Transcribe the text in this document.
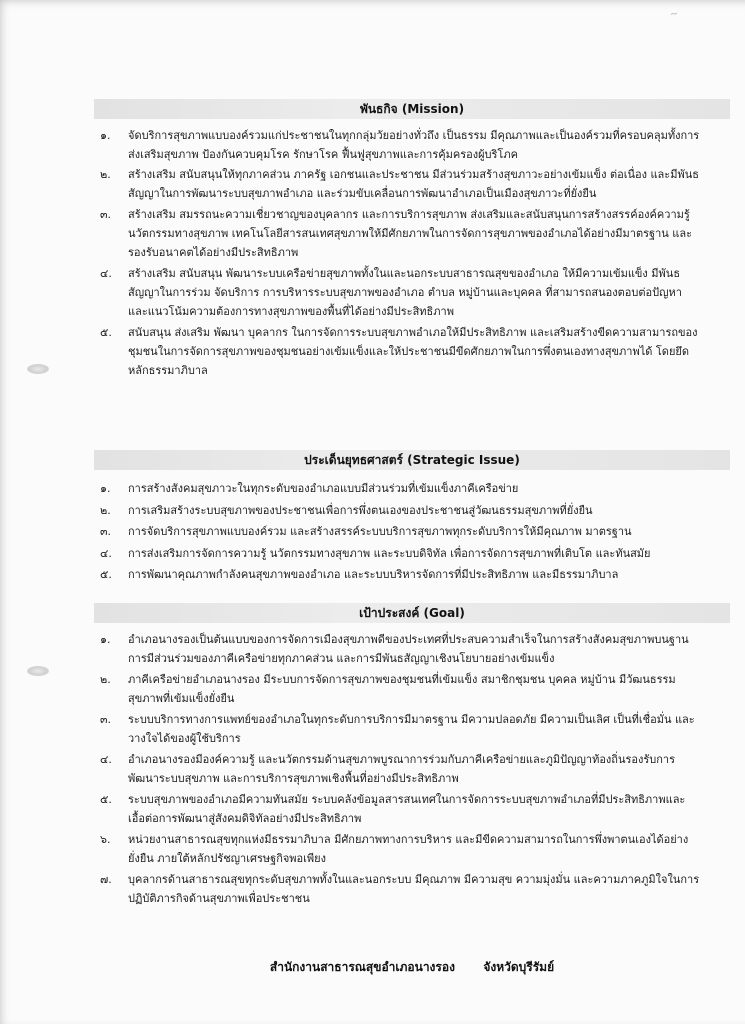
~
พันธกิจ (Mission)
๑.	จัดบริการสุขภาพแบบองค์รวมแก่ประชาชนในทุกกลุ่มวัยอย่างทั่วถึง เป็นธรรม มีคุณภาพและเป็นองค์รวมที่ครอบคลุมทั้งการส่งเสริมสุขภาพ ป้องกันควบคุมโรค รักษาโรค ฟื้นฟูสุขภาพและการคุ้มครองผู้บริโภค
๒.	สร้างเสริม สนับสนุนให้ทุกภาคส่วน ภาครัฐ เอกชนและประชาชน มีส่วนร่วมสร้างสุขภาวะอย่างเข้มแข็ง ต่อเนื่อง และมีพันธสัญญาในการพัฒนาระบบสุขภาพอำเภอ และร่วมขับเคลื่อนการพัฒนาอำเภอเป็นเมืองสุขภาวะที่ยั่งยืน
๓.	สร้างเสริม สมรรถนะความเชี่ยวชาญของบุคลากร และการบริการสุขภาพ ส่งเสริมและสนับสนุนการสร้างสรรค์องค์ความรู้ นวัตกรรมทางสุขภาพ เทคโนโลยีสารสนเทศสุขภาพให้มีศักยภาพในการจัดการสุขภาพของอำเภอได้อย่างมีมาตรฐาน และรองรับอนาคตได้อย่างมีประสิทธิภาพ
๔.	สร้างเสริม สนับสนุน พัฒนาระบบเครือข่ายสุขภาพทั้งในและนอกระบบสาธารณสุขของอำเภอ ให้มีความเข้มแข็ง มีพันธสัญญาในการร่วม จัดบริการ การบริหารระบบสุขภาพของอำเภอ ตำบล หมู่บ้านและบุคคล ที่สามารถสนองตอบต่อปัญหาและแนวโน้มความต้องการทางสุขภาพของพื้นที่ได้อย่างมีประสิทธิภาพ
๕.	สนับสนุน ส่งเสริม พัฒนา บุคลากร ในการจัดการระบบสุขภาพอำเภอให้มีประสิทธิภาพ และเสริมสร้างขีดความสามารถของชุมชนในการจัดการสุขภาพของชุมชนอย่างเข้มแข็งและให้ประชาชนมีขีดศักยภาพในการพึ่งตนเองทางสุขภาพได้ โดยยึดหลักธรรมาภิบาล
ประเด็นยุทธศาสตร์ (Strategic Issue)
๑.	การสร้างสังคมสุขภาวะในทุกระดับของอำเภอแบบมีส่วนร่วมที่เข้มแข็งภาคีเครือข่าย
๒.	การเสริมสร้างระบบสุขภาพของประชาชนเพื่อการพึ่งตนเองของประชาชนสู่วัฒนธรรมสุขภาพที่ยั่งยืน
๓.	การจัดบริการสุขภาพแบบองค์รวม และสร้างสรรค์ระบบบริการสุขภาพทุกระดับบริการให้มีคุณภาพ มาตรฐาน
๔.	การส่งเสริมการจัดการความรู้ นวัตกรรมทางสุขภาพ และระบบดิจิทัล เพื่อการจัดการสุขภาพที่เติบโต และทันสมัย
๕.	การพัฒนาคุณภาพกำลังคนสุขภาพของอำเภอ และระบบบริหารจัดการที่มีประสิทธิภาพ และมีธรรมาภิบาล
เป้าประสงค์ (Goal)
๑.	อำเภอนางรองเป็นต้นแบบของการจัดการเมืองสุขภาพดีของประเทศที่ประสบความสำเร็จในการสร้างสังคมสุขภาพบนฐานการมีส่วนร่วมของภาคีเครือข่ายทุกภาคส่วน และการมีพันธสัญญาเชิงนโยบายอย่างเข้มแข็ง
๒.	ภาคีเครือข่ายอำเภอนางรอง มีระบบการจัดการสุขภาพของชุมชนที่เข้มแข็ง สมาชิกชุมชน บุคคล หมู่บ้าน มีวัฒนธรรมสุขภาพที่เข้มแข็งยั่งยืน
๓.	ระบบบริการทางการแพทย์ของอำเภอในทุกระดับการบริการมีมาตรฐาน มีความปลอดภัย มีความเป็นเลิศ เป็นที่เชื่อมั่น และวางใจได้ของผู้ใช้บริการ
๔.	อำเภอนางรองมีองค์ความรู้ และนวัตกรรมด้านสุขภาพบูรณาการร่วมกับภาคีเครือข่ายและภูมิปัญญาท้องถิ่นรองรับการพัฒนาระบบสุขภาพ และการบริการสุขภาพเชิงพื้นที่อย่างมีประสิทธิภาพ
๕.	ระบบสุขภาพของอำเภอมีความทันสมัย ระบบคลังข้อมูลสารสนเทศในการจัดการระบบสุขภาพอำเภอที่มีประสิทธิภาพและเอื้อต่อการพัฒนาสู่สังคมดิจิทัลอย่างมีประสิทธิภาพ
๖.	หน่วยงานสาธารณสุขทุกแห่งมีธรรมาภิบาล มีศักยภาพทางการบริหาร และมีขีดความสามารถในการพึ่งพาตนเองได้อย่างยั่งยืน ภายใต้หลักปรัชญาเศรษฐกิจพอเพียง
๗.	บุคลากรด้านสาธารณสุขทุกระดับสุขภาพทั้งในและนอกระบบ มีคุณภาพ มีความสุข ความมุ่งมั่น และความภาคภูมิใจในการปฏิบัติภารกิจด้านสุขภาพเพื่อประชาชน
สำนักงานสาธารณสุขอำเภอนางรอง จังหวัดบุรีรัมย์
